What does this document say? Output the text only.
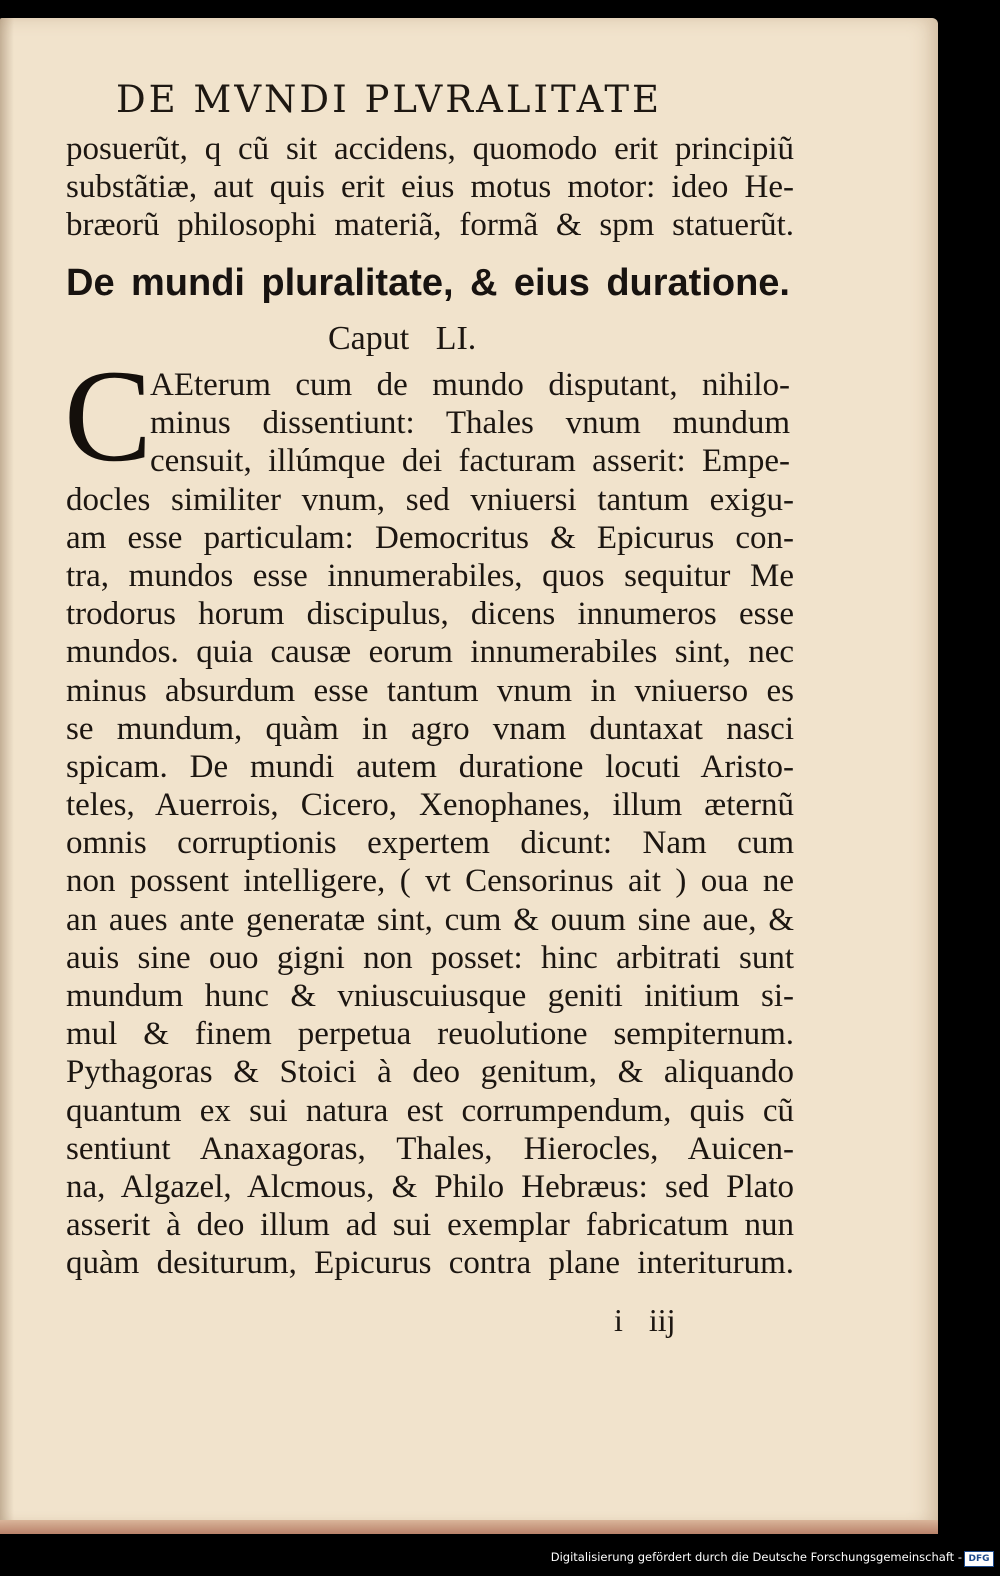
DE MVNDI PLVRALITATE
posuerũt, q cũ sit accidens, quomodo erit principiũ
substãtiæ, aut quis erit eius motus motor: ideo He-
bræorũ philosophi materiã, formã & spm statuerũt.
De mundi pluralitate, & eius duratione.
Caput LI.
C
AEterum cum de mundo disputant, nihilo-
minus dissentiunt: Thales vnum mundum
censuit, illúmque dei facturam asserit: Empe-
docles similiter vnum, sed vniuersi tantum exigu-
am esse particulam: Democritus & Epicurus con-
tra, mundos esse innumerabiles, quos sequitur Me
trodorus horum discipulus, dicens innumeros esse
mundos. quia causæ eorum innumerabiles sint, nec
minus absurdum esse tantum vnum in vniuerso es
se mundum, quàm in agro vnam duntaxat nasci
spicam. De mundi autem duratione locuti Aristo-
teles, Auerrois, Cicero, Xenophanes, illum æternũ
omnis corruptionis expertem dicunt: Nam cum
non possent intelligere, ( vt Censorinus ait ) oua ne
an aues ante generatæ sint, cum & ouum sine aue, &
auis sine ouo gigni non posset: hinc arbitrati sunt
mundum hunc & vniuscuiusque geniti initium si-
mul & finem perpetua reuolutione sempiternum.
Pythagoras & Stoici à deo genitum, & aliquando
quantum ex sui natura est corrumpendum, quis cũ
sentiunt Anaxagoras, Thales, Hierocles, Auicen-
na, Algazel, Alcmous, & Philo Hebræus: sed Plato
asserit à deo illum ad sui exemplar fabricatum nun
quàm desiturum, Epicurus contra plane interiturum.
i iij
Digitalisierung gefördert durch die Deutsche Forschungsgemeinschaft - DFG
